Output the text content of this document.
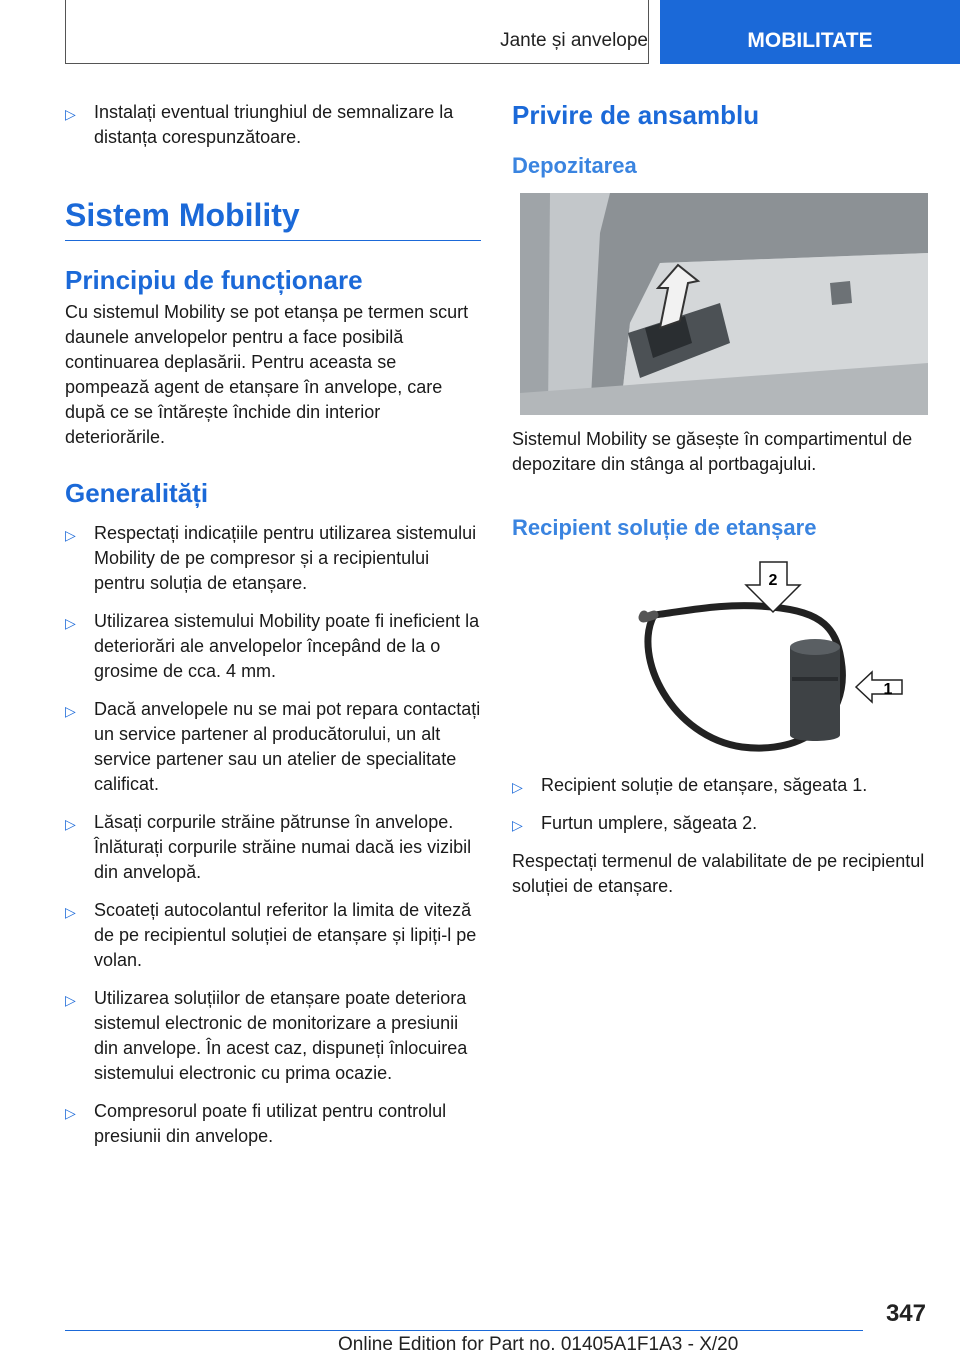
Jante și anvelope	MOBILITATE
▷ Instalați eventual triunghiul de semnalizare la distanța corespunzătoare.
Sistem Mobility
Principiu de funcționare

Cu sistemul Mobility se pot etanșa pe termen scurt daunele anvelopelor pentru a face posibilă continuarea deplasării. Pentru aceasta se pompează agent de etanșare în anvelope, care după ce se întărește închide din interior deteriorările.

Generalități
▷ Respectați indicațiile pentru utilizarea sistemului Mobility de pe compresor și a recipientului pentru soluția de etanșare.
▷ Utilizarea sistemului Mobility poate fi ineficient la deteriorări ale anvelopelor începând de la o grosime de cca. 4 mm.
▷ Dacă anvelopele nu se mai pot repara contactați un service partener al producătorului, un alt service partener sau un atelier de specialitate calificat.
▷ Lăsați corpurile străine pătrunse în anvelope. Înlăturați corpurile străine numai dacă ies vizibil din anvelopă.
▷ Scoateți autocolantul referitor la limita de viteză de pe recipientul soluției de etanșare și lipiți-l pe volan.
▷ Utilizarea soluțiilor de etanșare poate deteriora sistemul electronic de monitorizare a presiunii din anvelope. În acest caz, dispuneți înlocuirea sistemului electronic cu prima ocazie.
▷ Compresorul poate fi utilizat pentru controlul presiunii din anvelope.
Privire de ansamblu
Depozitarea

Sistemul Mobility se găsește în compartimentul de depozitare din stânga al portbagajului.

Recipient soluție de etanșare
1
2
▷ Recipient soluție de etanșare, săgeata 1.
▷ Furtun umplere, săgeata 2.

Respectați termenul de valabilitate de pe recipientul soluției de etanșare.

347
Online Edition for Part no. 01405A1F1A3 - X/20
